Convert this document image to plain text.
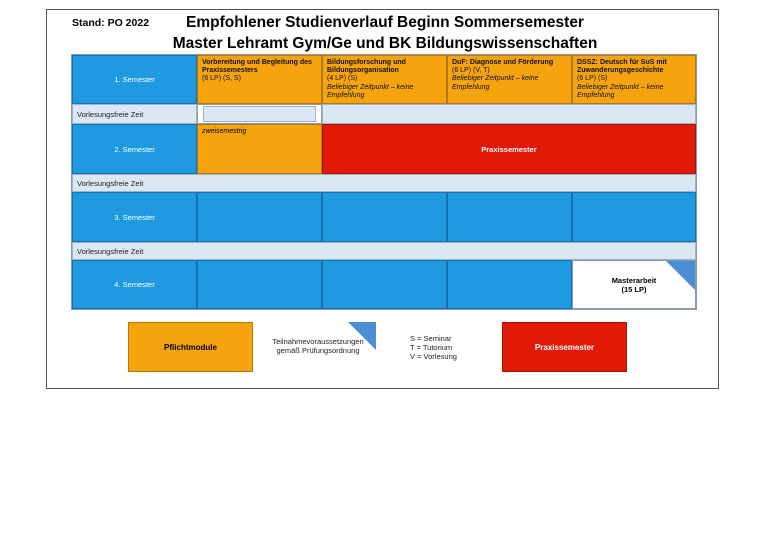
Stand: PO 2022	Empfohlener Studienverlauf Beginn Sommersemester
Master Lehramt Gym/Ge und BK Bildungswissenschaften
1. Semester
Vorbereitung und Begleitung des Praxissemesters
(6 LP) (S, S)
Bildungsforschung und Bildungsorganisation
(4 LP) (S)
Beliebiger Zeitpunkt – keine Empfehlung
DuF: Diagnose und Förderung
(6 LP) (V, T)
Beliebiger Zeitpunkt – keine Empfehlung
DSSZ: Deutsch für SuS mit Zuwanderungsgeschichte
(6 LP) (S)
Beliebiger Zeitpunkt – keine Empfehlung
Vorlesungsfreie Zeit
2. Semester
zweisemestrig
Praxissemester
Vorlesungsfreie Zeit
3. Semester
Vorlesungsfreie Zeit
4. Semester	Masterarbeit
(15 LP)
Pflichtmodule
Teilnahmevoraussetzungen
gemäß Prüfungsordnung
S = Seminar
T = Tutorium
V = Vorlesung
Praxissemester
